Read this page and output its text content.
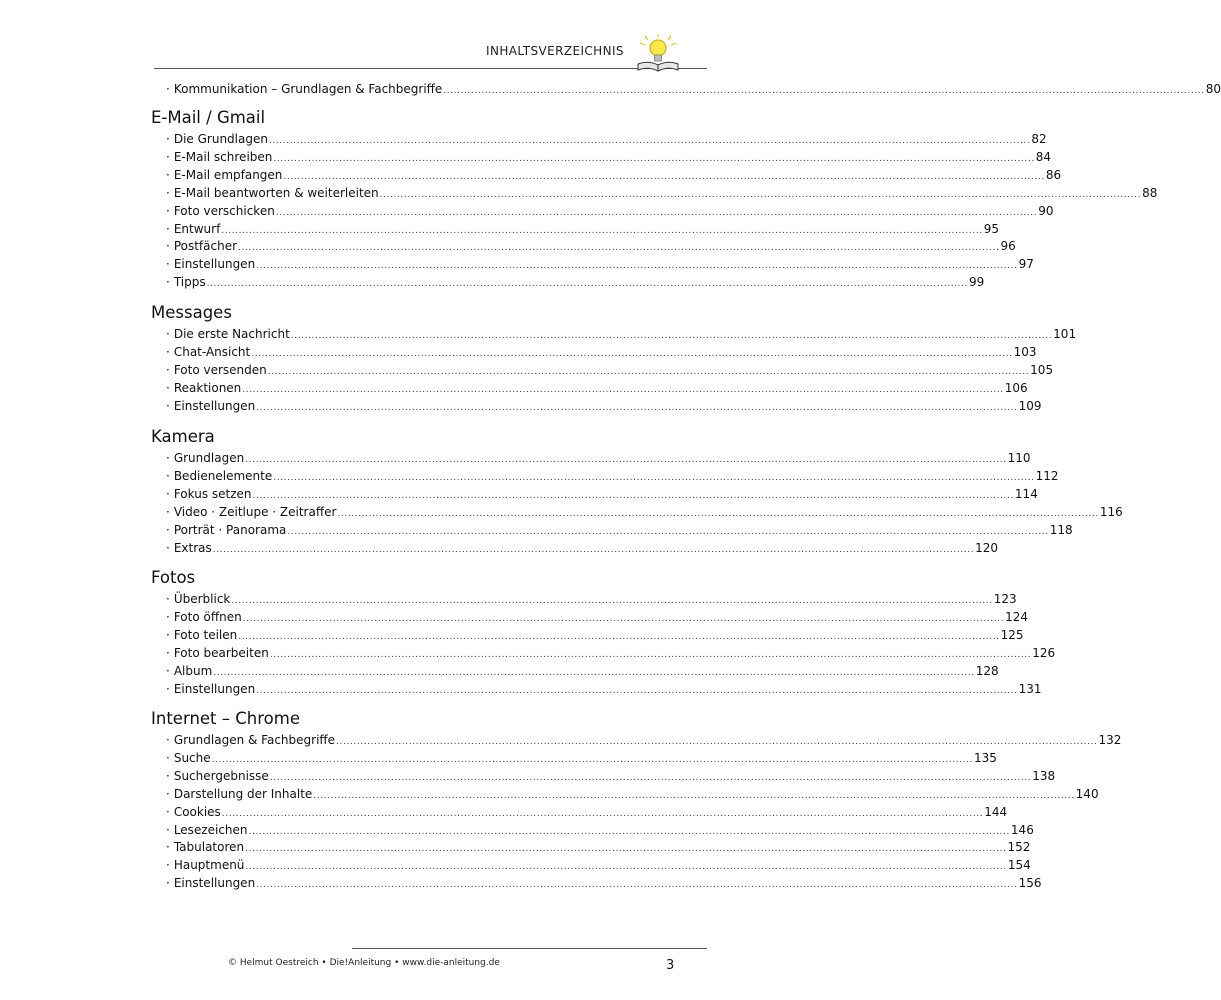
INHALTSVERZEICHNIS
· Kommunikation – Grundlagen & Fachbegriffe ............................................................................................................................................................................................................................ 80
E-Mail / Gmail
· Die Grundlagen ............................................................................................................................................................................................................................ 82
· E-Mail schreiben ............................................................................................................................................................................................................................ 84
· E-Mail empfangen ............................................................................................................................................................................................................................ 86
· E-Mail beantworten & weiterleiten ............................................................................................................................................................................................................................ 88
· Foto verschicken ............................................................................................................................................................................................................................ 90
· Entwurf ............................................................................................................................................................................................................................ 95
· Postfächer ............................................................................................................................................................................................................................ 96
· Einstellungen ............................................................................................................................................................................................................................ 97
· Tipps ............................................................................................................................................................................................................................ 99
Messages
· Die erste Nachricht ............................................................................................................................................................................................................................ 101
· Chat-Ansicht ............................................................................................................................................................................................................................ 103
· Foto versenden ............................................................................................................................................................................................................................ 105
· Reaktionen ............................................................................................................................................................................................................................ 106
· Einstellungen ............................................................................................................................................................................................................................ 109
Kamera
· Grundlagen ............................................................................................................................................................................................................................ 110
· Bedienelemente ............................................................................................................................................................................................................................ 112
· Fokus setzen ............................................................................................................................................................................................................................ 114
· Video · Zeitlupe · Zeitraffer ............................................................................................................................................................................................................................ 116
· Porträt · Panorama ............................................................................................................................................................................................................................ 118
· Extras ............................................................................................................................................................................................................................ 120
Fotos
· Überblick ............................................................................................................................................................................................................................ 123
· Foto öffnen ............................................................................................................................................................................................................................ 124
· Foto teilen ............................................................................................................................................................................................................................ 125
· Foto bearbeiten ............................................................................................................................................................................................................................ 126
· Album ............................................................................................................................................................................................................................ 128
· Einstellungen ............................................................................................................................................................................................................................ 131
Internet – Chrome
· Grundlagen & Fachbegriffe ............................................................................................................................................................................................................................ 132
· Suche ............................................................................................................................................................................................................................ 135
· Suchergebnisse ............................................................................................................................................................................................................................ 138
· Darstellung der Inhalte ............................................................................................................................................................................................................................ 140
· Cookies ............................................................................................................................................................................................................................ 144
· Lesezeichen ............................................................................................................................................................................................................................ 146
· Tabulatoren ............................................................................................................................................................................................................................ 152
· Hauptmenü ............................................................................................................................................................................................................................ 154
· Einstellungen ............................................................................................................................................................................................................................ 156
© Helmut Oestreich • Die!Anleitung • www.die-anleitung.de	3
